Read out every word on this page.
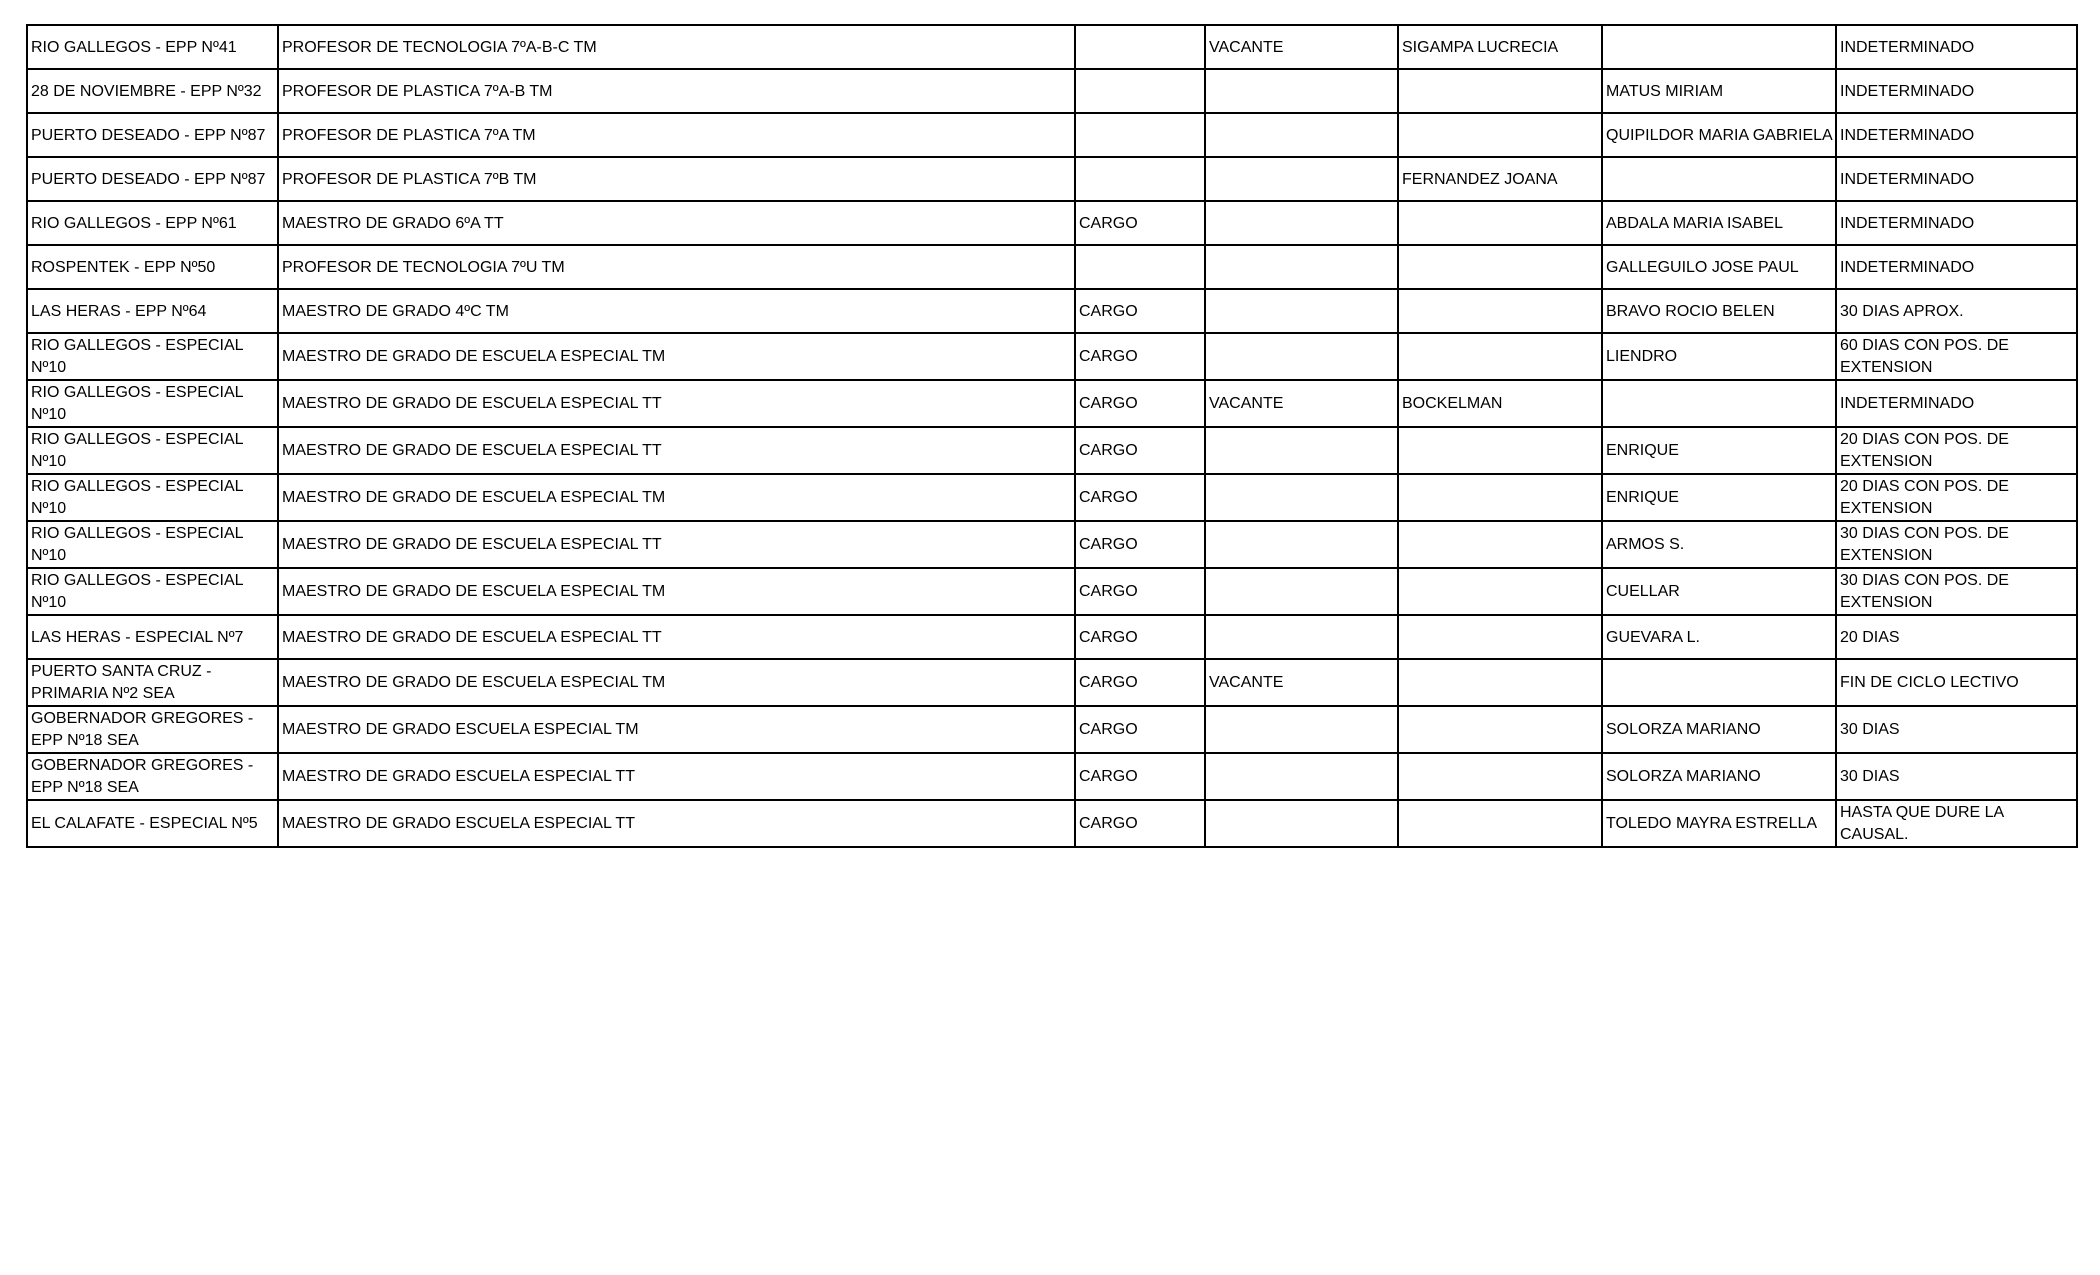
RIO GALLEGOS - EPP Nº41	PROFESOR DE TECNOLOGIA 7ºA-B-C TM		VACANTE	SIGAMPA LUCRECIA		INDETERMINADO
28 DE NOVIEMBRE - EPP Nº32	PROFESOR DE PLASTICA 7ºA-B TM				MATUS MIRIAM	INDETERMINADO
PUERTO DESEADO - EPP Nº87	PROFESOR DE PLASTICA 7ºA TM				QUIPILDOR MARIA GABRIELA	INDETERMINADO
PUERTO DESEADO - EPP Nº87	PROFESOR DE PLASTICA 7ºB TM			FERNANDEZ JOANA		INDETERMINADO
RIO GALLEGOS - EPP Nº61	MAESTRO DE GRADO 6ºA TT	CARGO			ABDALA MARIA ISABEL	INDETERMINADO
ROSPENTEK - EPP Nº50	PROFESOR DE TECNOLOGIA 7ºU TM				GALLEGUILO JOSE PAUL	INDETERMINADO
LAS HERAS - EPP Nº64	MAESTRO DE GRADO 4ºC TM	CARGO			BRAVO ROCIO BELEN	30 DIAS APROX.
RIO GALLEGOS - ESPECIAL Nº10	MAESTRO DE GRADO DE ESCUELA ESPECIAL TM	CARGO			LIENDRO	60 DIAS CON POS. DE EXTENSION
RIO GALLEGOS - ESPECIAL Nº10	MAESTRO DE GRADO DE ESCUELA ESPECIAL TT	CARGO	VACANTE	BOCKELMAN		INDETERMINADO
RIO GALLEGOS - ESPECIAL Nº10	MAESTRO DE GRADO DE ESCUELA ESPECIAL TT	CARGO			ENRIQUE	20 DIAS CON POS. DE EXTENSION
RIO GALLEGOS - ESPECIAL Nº10	MAESTRO DE GRADO DE ESCUELA ESPECIAL TM	CARGO			ENRIQUE	20 DIAS CON POS. DE EXTENSION
RIO GALLEGOS - ESPECIAL Nº10	MAESTRO DE GRADO DE ESCUELA ESPECIAL TT	CARGO			ARMOS S.	30 DIAS CON POS. DE EXTENSION
RIO GALLEGOS - ESPECIAL Nº10	MAESTRO DE GRADO DE ESCUELA ESPECIAL TM	CARGO			CUELLAR	30 DIAS CON POS. DE EXTENSION
LAS HERAS - ESPECIAL Nº7	MAESTRO DE GRADO DE ESCUELA ESPECIAL TT	CARGO			GUEVARA L.	20 DIAS
PUERTO SANTA CRUZ - PRIMARIA Nº2 SEA	MAESTRO DE GRADO DE ESCUELA ESPECIAL TM	CARGO	VACANTE			FIN DE CICLO LECTIVO
GOBERNADOR GREGORES - EPP Nº18 SEA	MAESTRO DE GRADO ESCUELA ESPECIAL TM	CARGO			SOLORZA MARIANO	30 DIAS
GOBERNADOR GREGORES - EPP Nº18 SEA	MAESTRO DE GRADO ESCUELA ESPECIAL TT	CARGO			SOLORZA MARIANO	30 DIAS
EL CALAFATE - ESPECIAL Nº5	MAESTRO DE GRADO ESCUELA ESPECIAL TT	CARGO			TOLEDO MAYRA ESTRELLA	HASTA QUE DURE LA CAUSAL.
